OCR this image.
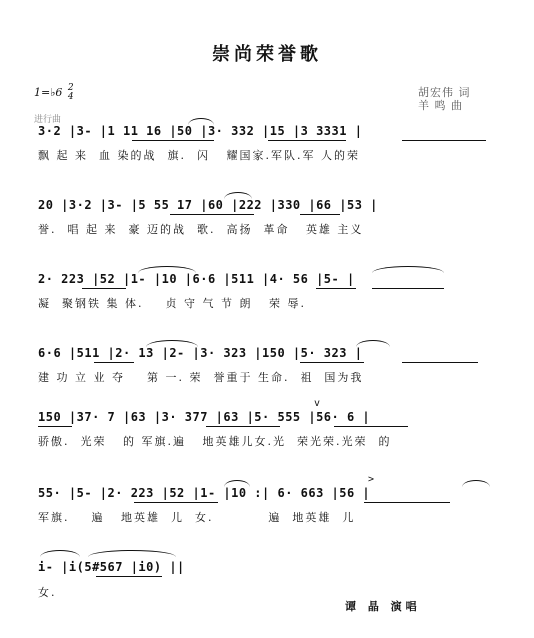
崇尚荣誉歌
胡宏伟 词
羊 鸣 曲
1=♭6 2
4
进行曲
3·2 |3- |1 11 16 |50 |3· 332 |15 |3 3331 |
飘 起 来  血 染的战  旗.  闪   耀国家.军队.军 人的荣
20 |3·2 |3- |5 55 17 |60 |222 |330 |66 |53 |
誉.  唱 起 来  豪 迈的战  歌.  高扬  革命   英雄 主义
2· 223 |52 |1- |10 |6·6 |511 |4· 56 |5- |
凝  聚钢铁 集 体.    贞 守 气 节 朗   荣 辱.
6·6 |511 |2· 13 |2- |3· 323 |150 |5· 323 |
建 功 立 业 夺    第 一. 荣  誉重于 生命.  祖  国为我
150 |37· 7 |63 |3· 377 |63 |5· 555 |56· 6 |
骄傲.  光荣   的 军旗.遍   地英雄儿女.光  荣光荣.光荣  的
v
55· |5- |2· 223 |52 |1- |10 :| 6· 663 |56 |
军旗.    遍   地英雄  儿  女.          遍  地英雄  儿
>
i- |i(5#567 |i0) ||
女.
谭 晶 演唱
